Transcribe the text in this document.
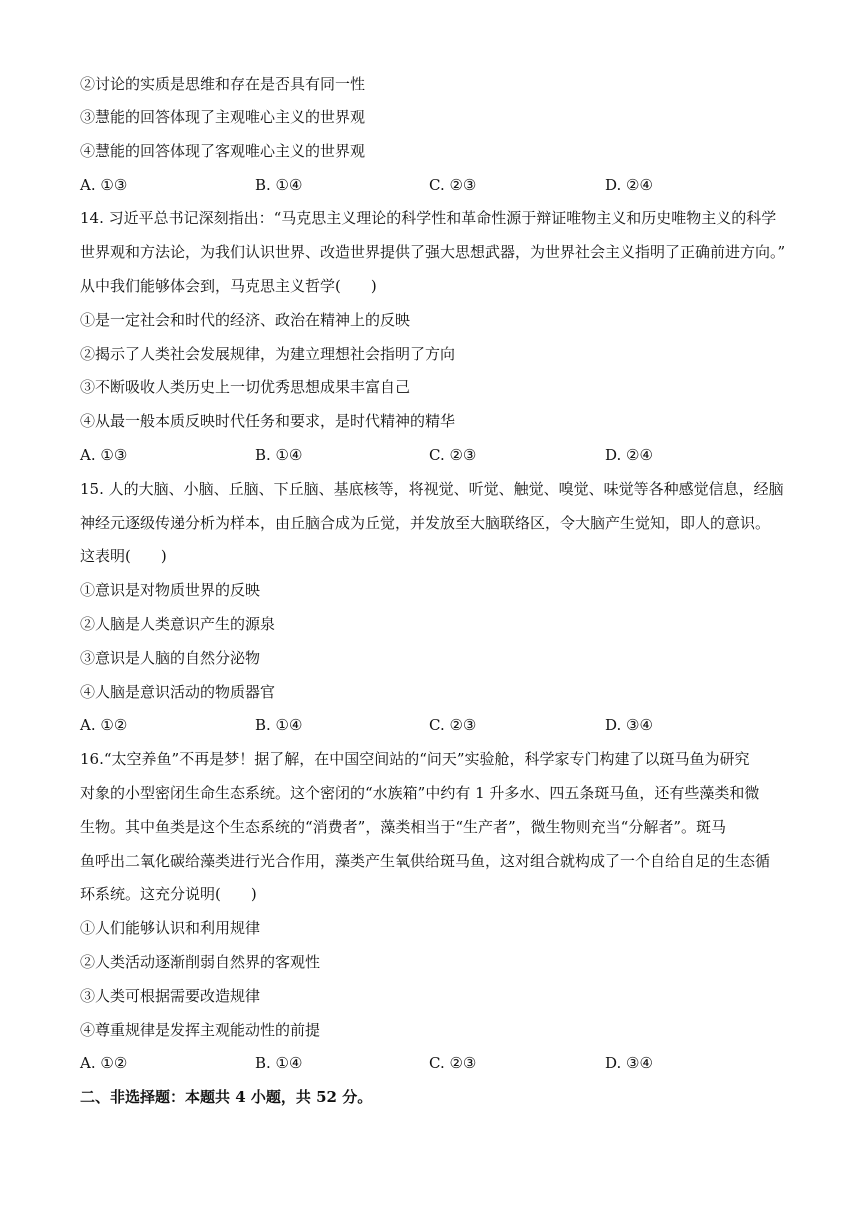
②讨论的实质是思维和存在是否具有同一性
③慧能的回答体现了主观唯心主义的世界观
④慧能的回答体现了客观唯心主义的世界观
A. ①③	B. ①④	C. ②③	D. ②④
14. 习近平总书记深刻指出：“马克思主义理论的科学性和革命性源于辩证唯物主义和历史唯物主义的科学
世界观和方法论，为我们认识世界、改造世界提供了强大思想武器，为世界社会主义指明了正确前进方向。”
从中我们能够体会到，马克思主义哲学(　　)
①是一定社会和时代的经济、政治在精神上的反映
②揭示了人类社会发展规律，为建立理想社会指明了方向
③不断吸收人类历史上一切优秀思想成果丰富自己
④从最一般本质反映时代任务和要求，是时代精神的精华
A. ①③	B. ①④	C. ②③	D. ②④
15. 人的大脑、小脑、丘脑、下丘脑、基底核等，将视觉、听觉、触觉、嗅觉、味觉等各种感觉信息，经脑
神经元逐级传递分析为样本，由丘脑合成为丘觉，并发放至大脑联络区，令大脑产生觉知，即人的意识。
这表明(　　)
①意识是对物质世界的反映
②人脑是人类意识产生的源泉
③意识是人脑的自然分泌物
④人脑是意识活动的物质器官
A. ①②	B. ①④	C. ②③	D. ③④
16.“太空养鱼”不再是梦！据了解，在中国空间站的“问天”实验舱，科学家专门构建了以斑马鱼为研究
对象的小型密闭生命生态系统。这个密闭的“水族箱”中约有 1 升多水、四五条斑马鱼，还有些藻类和微
生物。其中鱼类是这个生态系统的“消费者”，藻类相当于“生产者”，微生物则充当“分解者”。斑马
鱼呼出二氧化碳给藻类进行光合作用，藻类产生氧供给斑马鱼，这对组合就构成了一个自给自足的生态循
环系统。这充分说明(　　)
①人们能够认识和利用规律
②人类活动逐渐削弱自然界的客观性
③人类可根据需要改造规律
④尊重规律是发挥主观能动性的前提
A. ①②	B. ①④	C. ②③	D. ③④
二、非选择题：本题共 4 小题，共 52 分。
